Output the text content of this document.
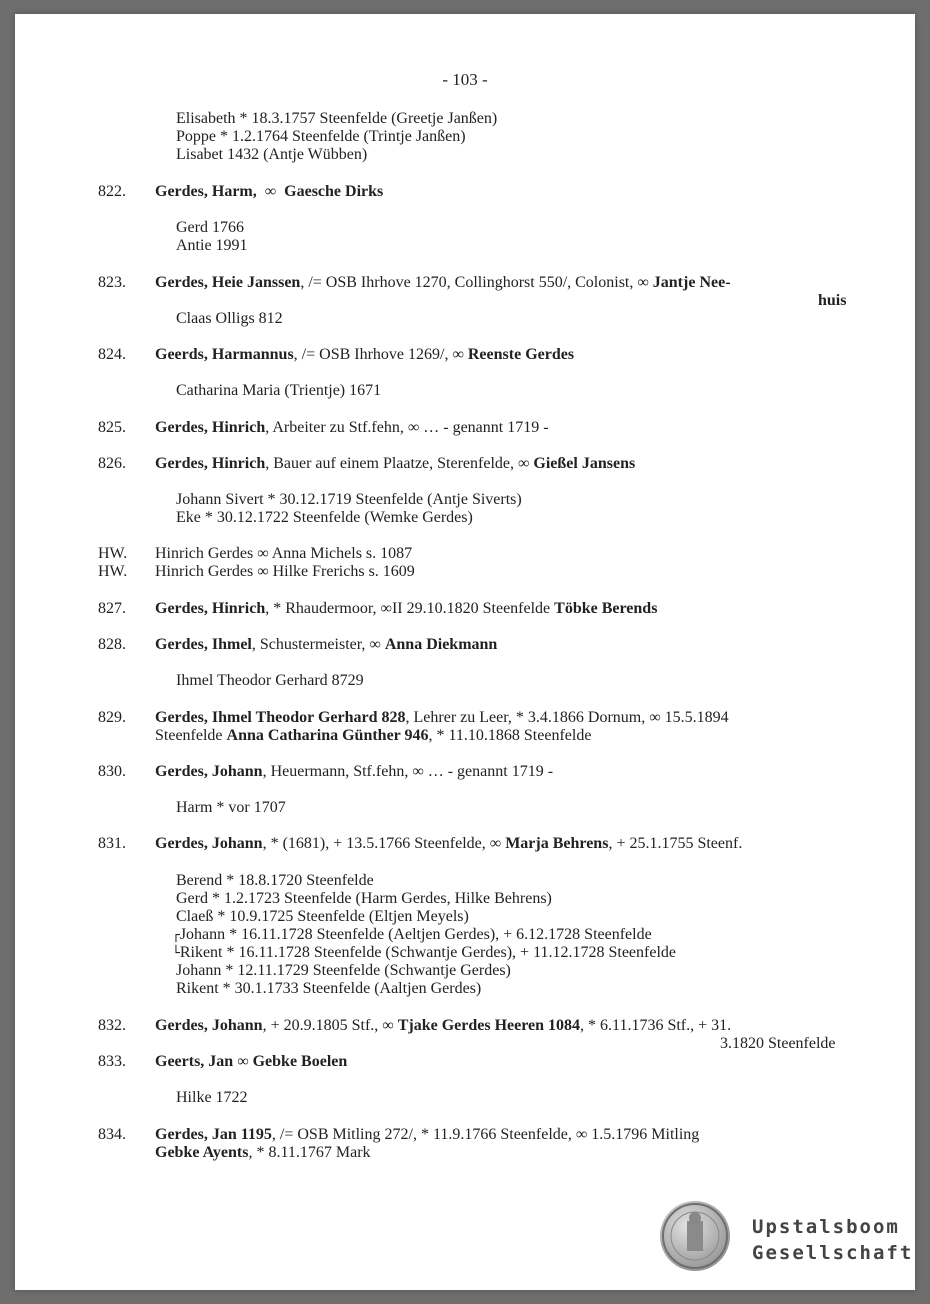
- 103 -
Elisabeth * 18.3.1757 Steenfelde (Greetje Janßen)
Poppe * 1.2.1764 Steenfelde (Trintje Janßen)
Lisabet 1432 (Antje Wübben)
822. Gerdes, Harm, ∞ Gaesche Dirks
Gerd 1766
Antie 1991
823. Gerdes, Heie Janssen, /= OSB Ihrhove 1270, Collinghorst 550/, Colonist, ∞ Jantje Nee-
huis
Claas Olligs 812
824. Geerds, Harmannus, /= OSB Ihrhove 1269/, ∞ Reenste Gerdes
Catharina Maria (Trientje) 1671
825. Gerdes, Hinrich, Arbeiter zu Stf.fehn, ∞ … - genannt 1719 -
826. Gerdes, Hinrich, Bauer auf einem Plaatze, Sterenfelde, ∞ Gießel Jansens
Johann Sivert * 30.12.1719 Steenfelde (Antje Siverts)
Eke * 30.12.1722 Steenfelde (Wemke Gerdes)
HW. Hinrich Gerdes ∞ Anna Michels s. 1087
HW. Hinrich Gerdes ∞ Hilke Frerichs s. 1609
827. Gerdes, Hinrich, * Rhaudermoor, ∞II 29.10.1820 Steenfelde Töbke Berends
828. Gerdes, Ihmel, Schustermeister, ∞ Anna Diekmann
Ihmel Theodor Gerhard 8729
829. Gerdes, Ihmel Theodor Gerhard 828, Lehrer zu Leer, * 3.4.1866 Dornum, ∞ 15.5.1894
Steenfelde Anna Catharina Günther 946, * 11.10.1868 Steenfelde
830. Gerdes, Johann, Heuermann, Stf.fehn, ∞ … - genannt 1719 -
Harm * vor 1707
831. Gerdes, Johann, * (1681), + 13.5.1766 Steenfelde, ∞ Marja Behrens, + 25.1.1755 Steenf.
Berend * 18.8.1720 Steenfelde
Gerd * 1.2.1723 Steenfelde (Harm Gerdes, Hilke Behrens)
Claeß * 10.9.1725 Steenfelde (Eltjen Meyels)
┌Johann * 16.11.1728 Steenfelde (Aeltjen Gerdes), + 6.12.1728 Steenfelde
└Rikent * 16.11.1728 Steenfelde (Schwantje Gerdes), + 11.12.1728 Steenfelde
Johann * 12.11.1729 Steenfelde (Schwantje Gerdes)
Rikent * 30.1.1733 Steenfelde (Aaltjen Gerdes)
832. Gerdes, Johann, + 20.9.1805 Stf., ∞ Tjake Gerdes Heeren 1084, * 6.11.1736 Stf., + 31.
3.1820 Steenfelde
833. Geerts, Jan ∞ Gebke Boelen
Hilke 1722
834. Gerdes, Jan 1195, /= OSB Mitling 272/, * 11.9.1766 Steenfelde, ∞ 1.5.1796 Mitling
Gebke Ayents, * 8.11.1767 Mark
Upstalsboom
Gesellschaft
